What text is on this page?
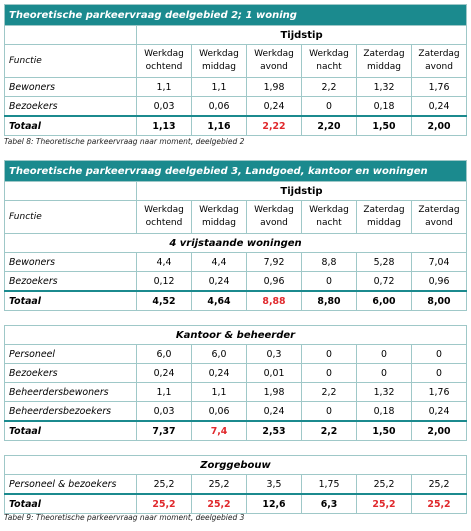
Theoretische parkeervraag deelgebied 2; 1 woning						
	Tijdstip					
Functie	Werkdag ochtend	Werkdag middag	Werkdag avond	Werkdag nacht	Zaterdag middag	Zaterdag avond
Bewoners	1,1	1,1	1,98	2,2	1,32	1,76
Bezoekers	0,03	0,06	0,24	0	0,18	0,24
Totaal	1,13	1,16	2,22	2,20	1,50	2,00
Tabel 8: Theoretische parkeervraag naar moment, deelgebied 2
Theoretische parkeervraag deelgebied 3, Landgoed, kantoor en woningen						
	Tijdstip					
Functie	Werkdag ochtend	Werkdag middag	Werkdag avond	Werkdag nacht	Zaterdag middag	Zaterdag avond
4 vrijstaande woningen						
Bewoners	4,4	4,4	7,92	8,8	5,28	7,04
Bezoekers	0,12	0,24	0,96	0	0,72	0,96
Totaal	4,52	4,64	8,88	8,80	6,00	8,00

Kantoor & beheerder						
Personeel	6,0	6,0	0,3	0	0	0
Bezoekers	0,24	0,24	0,01	0	0	0
Beheerdersbewoners	1,1	1,1	1,98	2,2	1,32	1,76
Beheerdersbezoekers	0,03	0,06	0,24	0	0,18	0,24
Totaal	7,37	7,4	2,53	2,2	1,50	2,00

Zorggebouw						
Personeel & bezoekers	25,2	25,2	3,5	1,75	25,2	25,2
Totaal	25,2	25,2	12,6	6,3	25,2	25,2
Tabel 9: Theoretische parkeervraag naar moment, deelgebied 3
